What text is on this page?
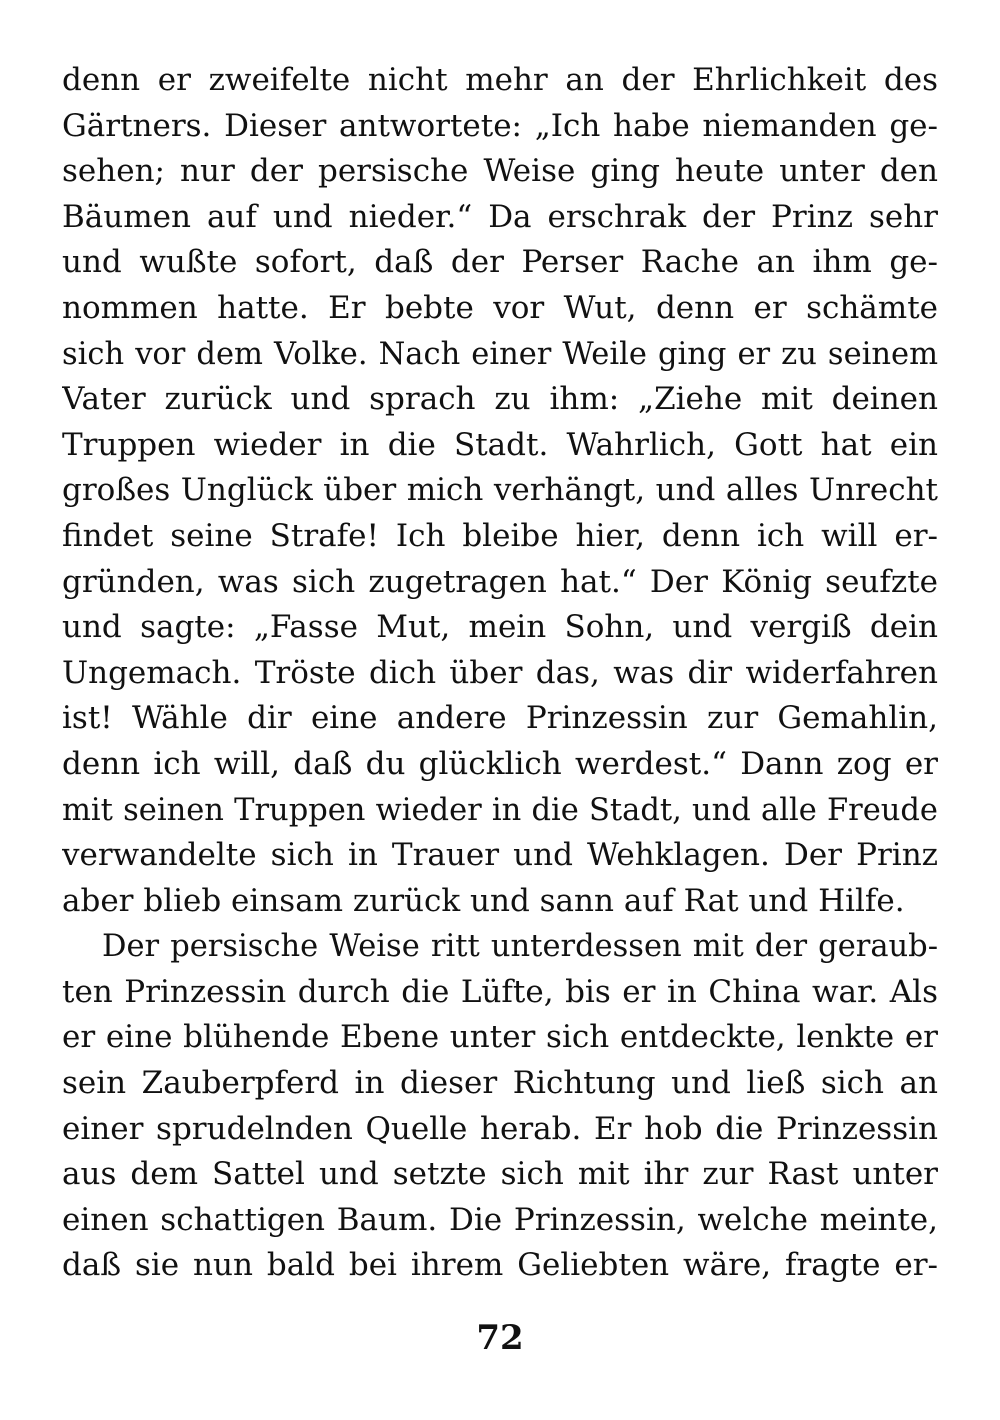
denn er zweifelte nicht mehr an der Ehrlichkeit des
Gärtners. Dieser antwortete: „Ich habe niemanden ge-
sehen; nur der persische Weise ging heute unter den
Bäumen auf und nieder.“ Da erschrak der Prinz sehr
und wußte sofort, daß der Perser Rache an ihm ge-
nommen hatte. Er bebte vor Wut, denn er schämte
sich vor dem Volke. Nach einer Weile ging er zu seinem
Vater zurück und sprach zu ihm: „Ziehe mit deinen
Truppen wieder in die Stadt. Wahrlich, Gott hat ein
großes Unglück über mich verhängt, und alles Unrecht
findet seine Strafe! Ich bleibe hier, denn ich will er-
gründen, was sich zugetragen hat.“ Der König seufzte
und sagte: „Fasse Mut, mein Sohn, und vergiß dein
Ungemach. Tröste dich über das, was dir widerfahren
ist! Wähle dir eine andere Prinzessin zur Gemahlin,
denn ich will, daß du glücklich werdest.“ Dann zog er
mit seinen Truppen wieder in die Stadt, und alle Freude
verwandelte sich in Trauer und Wehklagen. Der Prinz
aber blieb einsam zurück und sann auf Rat und Hilfe.
Der persische Weise ritt unterdessen mit der geraub-
ten Prinzessin durch die Lüfte, bis er in China war. Als
er eine blühende Ebene unter sich entdeckte, lenkte er
sein Zauberpferd in dieser Richtung und ließ sich an
einer sprudelnden Quelle herab. Er hob die Prinzessin
aus dem Sattel und setzte sich mit ihr zur Rast unter
einen schattigen Baum. Die Prinzessin, welche meinte,
daß sie nun bald bei ihrem Geliebten wäre, fragte er-
72
